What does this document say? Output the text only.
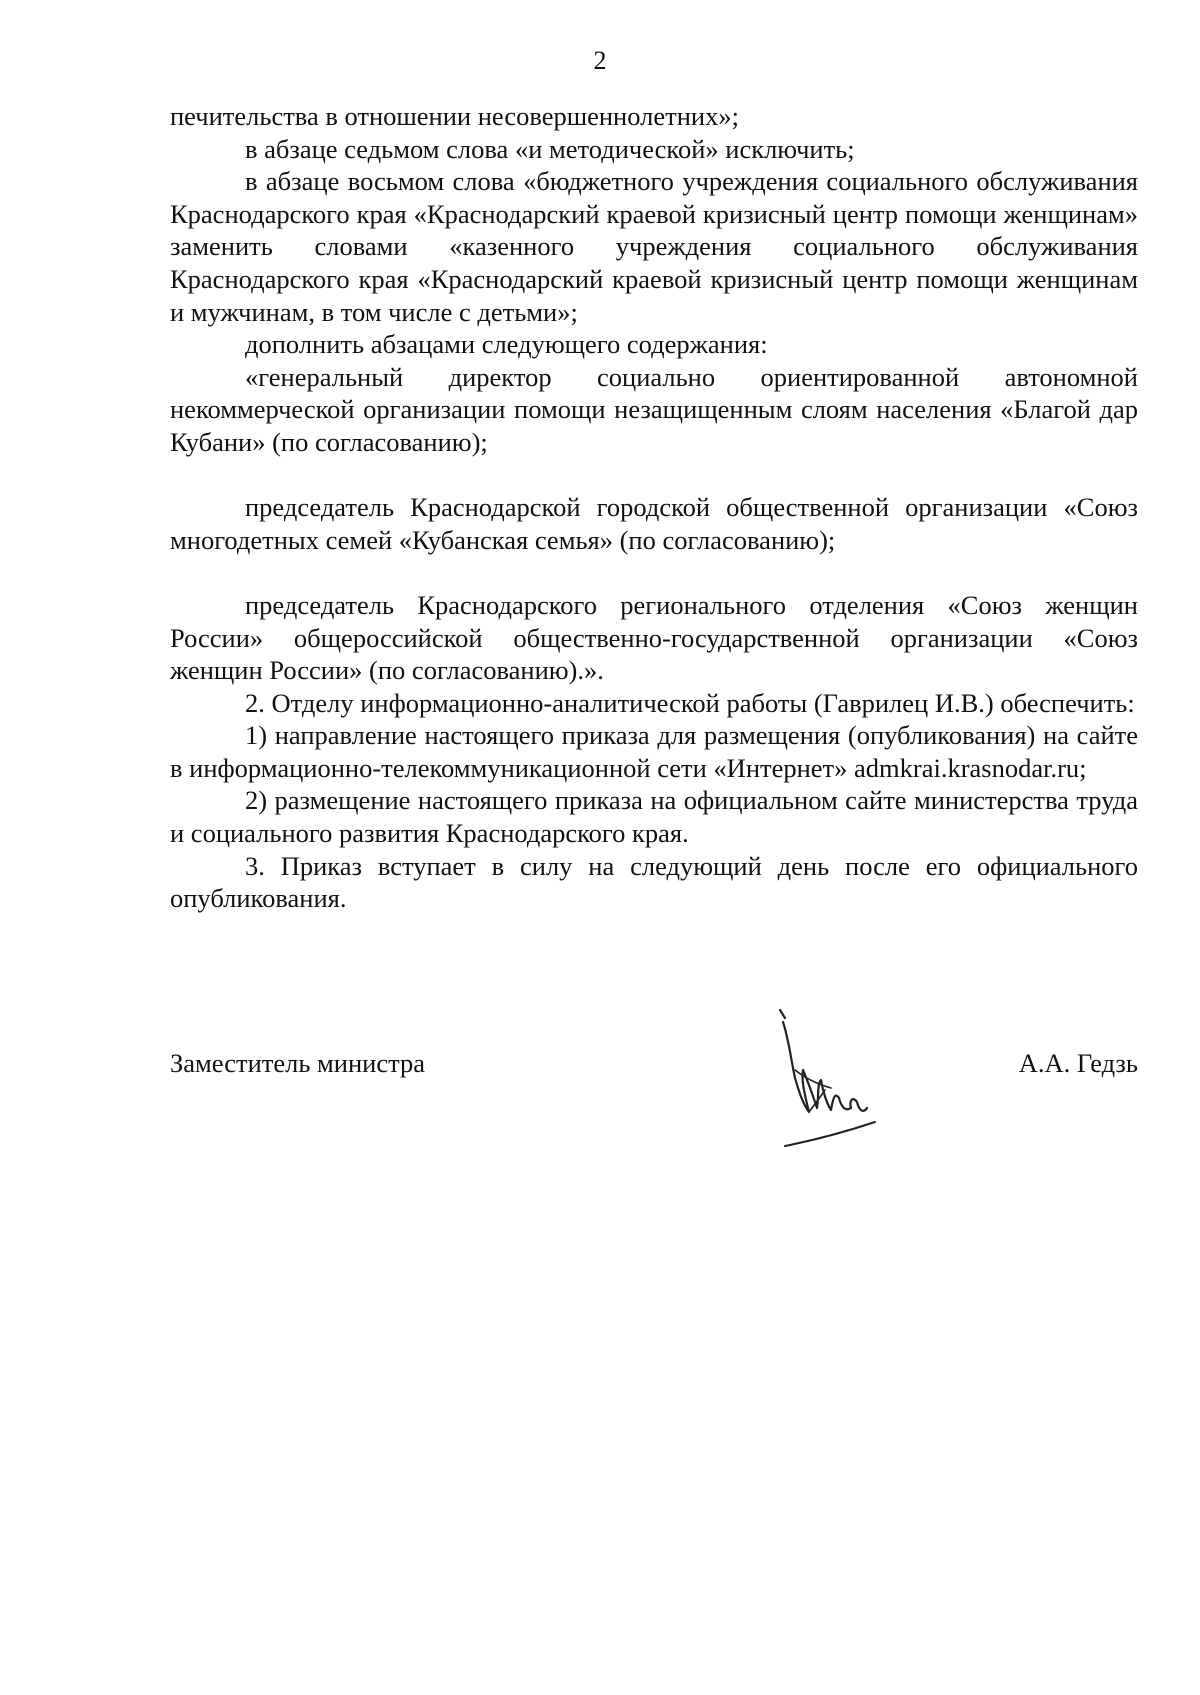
2

печительства в отношении несовершеннолетних»;

в абзаце седьмом слова «и методической» исключить;

в абзаце восьмом слова «бюджетного учреждения социального обслуживания Краснодарского края «Краснодарский краевой кризисный центр помощи женщинам» заменить словами «казенного учреждения социального обслуживания Краснодарского края «Краснодарский краевой кризисный центр помощи женщинам и мужчинам, в том числе с детьми»;

дополнить абзацами следующего содержания:

«генеральный директор социально ориентированной автономной некоммерческой организации помощи незащищенным слоям населения «Благой дар Кубани» (по согласованию);

председатель Краснодарской городской общественной организации «Союз многодетных семей «Кубанская семья» (по согласованию);

председатель Краснодарского регионального отделения «Союз женщин России» общероссийской общественно-государственной организации «Союз женщин России» (по согласованию).».

2. Отделу информационно-аналитической работы (Гаврилец И.В.) обеспечить:

1) направление настоящего приказа для размещения (опубликования) на сайте в информационно-телекоммуникационной сети «Интернет» admkrai.krasnodar.ru;

2) размещение настоящего приказа на официальном сайте министерства труда и социального развития Краснодарского края.

3. Приказ вступает в силу на следующий день после его официального опубликования.

Заместитель министра	А.А. Гедзь
